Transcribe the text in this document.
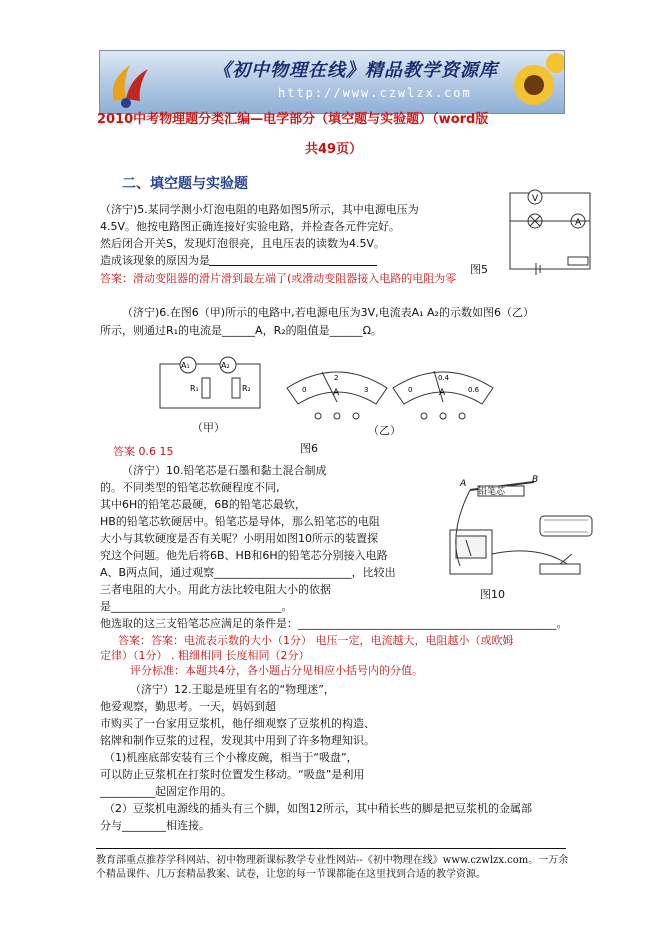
《初中物理在线》精品教学资源库
http://www.czwlzx.com
2010中考物理题分类汇编—电学部分（填空题与实验题）（word版
共49页）
二、填空题与实验题
（济宁)5.某同学测小灯泡电阻的电路如图5所示，其中电源电压为
4.5V。他按电路图正确连接好实验电路，并检查各元件完好。
然后闭合开关S，发现灯泡很亮，且电压表的读数为4.5V。
造成该现象的原因为是
答案：滑动变阻器的滑片滑到最左端了(或滑动变阻器接入电路的电阻为零
V
A
图5
（济宁)6.在图6（甲)所示的电路中,若电源电压为3V,电流表A₁ A₂的示数如图6（乙）
所示，则通过R₁的电流是______A，R₂的阻值是______Ω。
A₁	A₂
R₁	R₂	0
2
3
A	0
0.4
0.6
A
（甲）	（乙）
图6
答案 0.6 15
（济宁）10.铅笔芯是石墨和黏土混合制成
的。不同类型的铅笔芯软硬程度不同,
其中6H的铅笔芯最硬，6B的铅笔芯最软，
HB的铅笔芯软硬居中。铅笔芯是导体，那么铅笔芯的电阻
大小与其软硬度是否有关呢？小明用如图10所示的装置探
究这个问题。他先后将6B、HB和6H的铅笔芯分别接入电路
A、B两点间，通过观察_________________________，比较出
三者电阻的大小。用此方法比较电阻大小的依据
是_______________________________。
他选取的这三支铅笔芯应满足的条件是：_______________________________________________。
铅笔芯
A	B
图10
答案：答案：电流表示数的大小（1分） 电压一定，电流越大，电阻越小（或欧姆
定律）（1分） . 粗细相同 长度相同（2分）
评分标准：本题共4分，各小题占分见相应小括号内的分值。
（济宁）12.王聪是班里有名的“物理迷”，
他爱观察，勤思考。一天，妈妈到超
市购买了一台家用豆浆机，他仔细观察了豆浆机的构造、
铭牌和制作豆浆的过程，发现其中用到了许多物理知识。
（1)机座底部安装有三个小橡皮碗，相当于“吸盘”，
可以防止豆浆机在打浆时位置发生移动。“吸盘”是利用
__________起固定作用的。
（2）豆浆机电源线的插头有三个脚，如图12所示，其中稍长些的脚是把豆浆机的金属部
分与________相连接。
教育部重点推荐学科网站、初中物理新课标教学专业性网站--《初中物理在线》www.czwlzx.com。一万余
个精品课件、几万套精品教案、试卷，让您的每一节课都能在这里找到合适的教学资源。
